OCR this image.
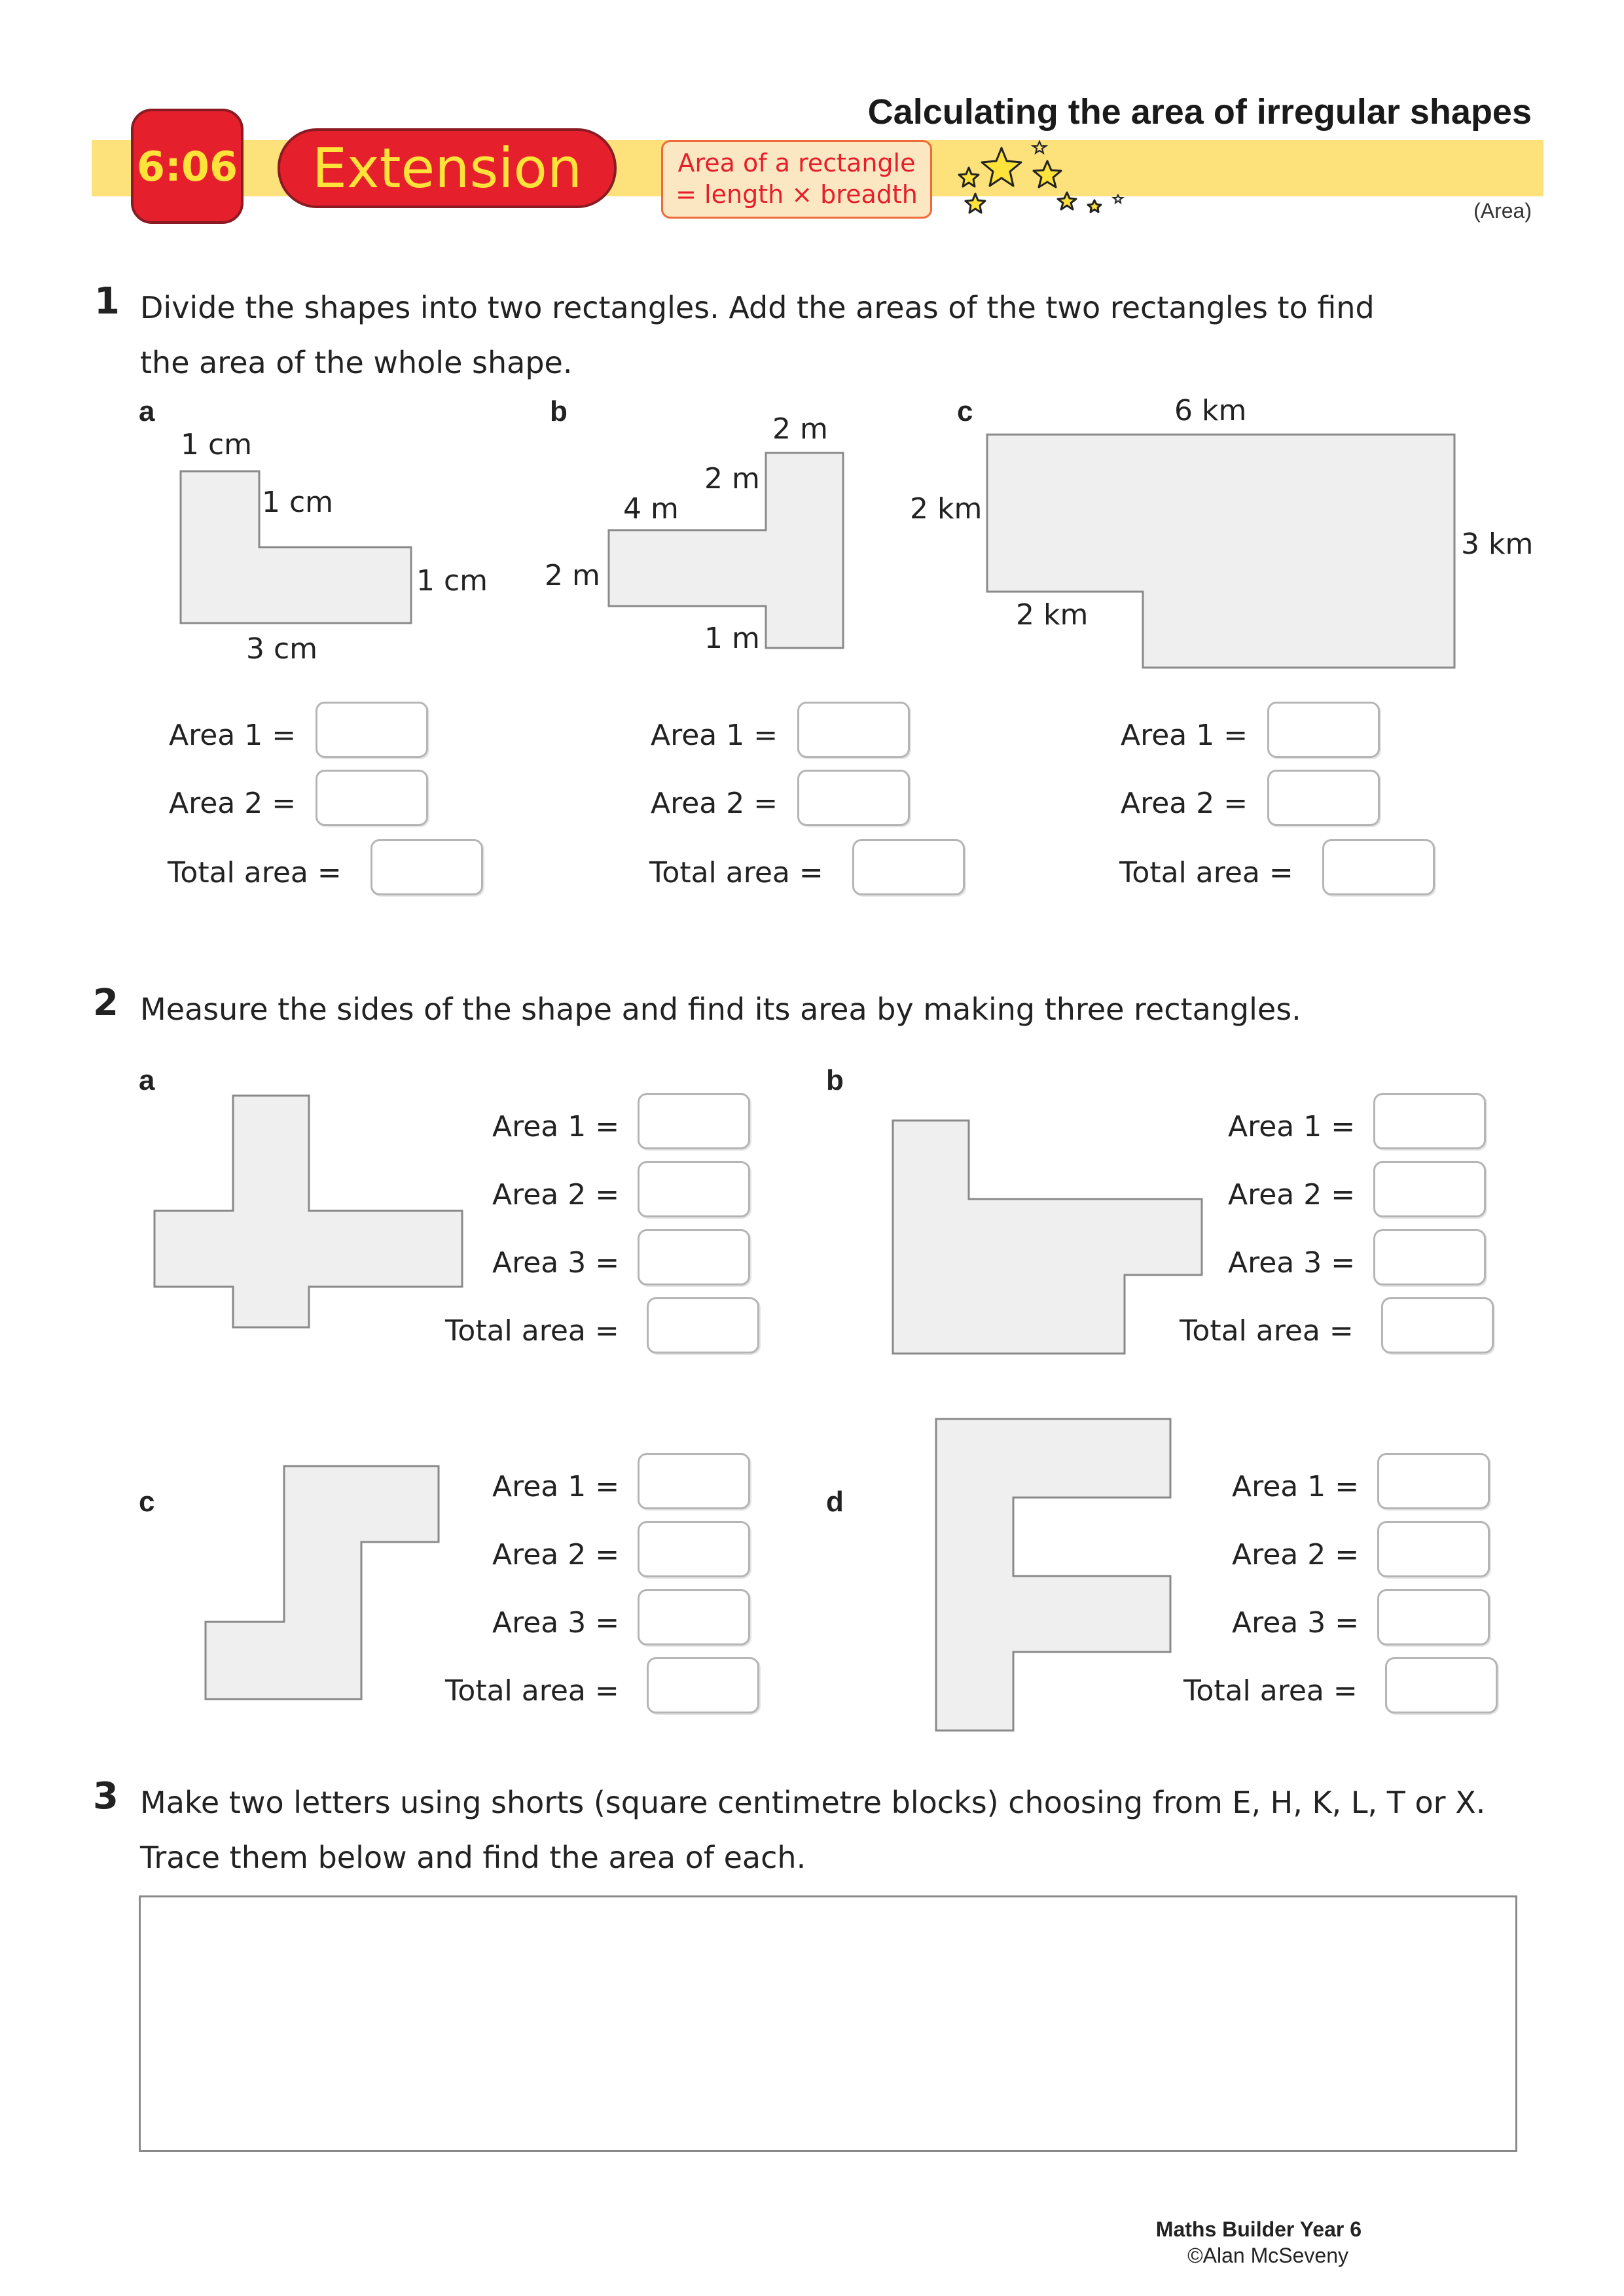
Calculating the area of irregular shapes
6:06	Extension	Area of a rectangle
= length × breadth
(Area)
1 Divide the shapes into two rectangles. Add the areas of the two rectangles to find
the area of the whole shape.
a	b	c
1 cm
1 cm
1 cm
3 cm
2 m
2 m
4 m
2 m
1 m
6 km
2 km
3 km
2 km
Area 1 =
Area 2 =
Total area =
Area 1 =
Area 2 =
Total area =
Area 1 =
Area 2 =
Total area =
2 Measure the sides of the shape and find its area by making three rectangles.
a	b
c	d
Area 1 =
Area 2 =
Area 3 =
Total area =
Area 1 =
Area 2 =
Area 3 =
Total area =
Area 1 =
Area 2 =
Area 3 =
Total area =
Area 1 =
Area 2 =
Area 3 =
Total area =
3 Make two letters using shorts (square centimetre blocks) choosing from E, H, K, L, T or X.
Trace them below and find the area of each.
Maths Builder Year 6
©Alan McSeveny
